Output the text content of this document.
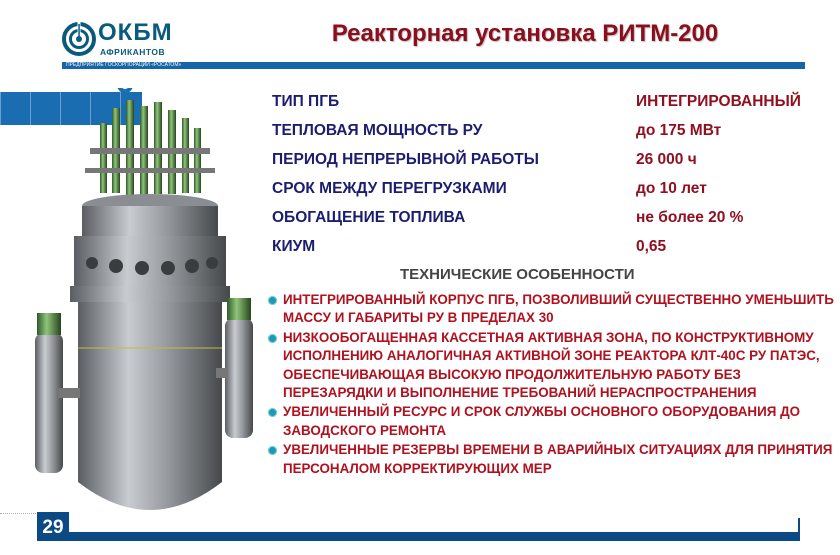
ОКБМ
АФРИКАНТОВ
ПРЕДПРИЯТИЕ ГОСКОРПОРАЦИИ «РОСАТОМ»
Реакторная установка РИТМ-200
ТИП ПГБ	ИНТЕГРИРОВАННЫЙ
ТЕПЛОВАЯ МОЩНОСТЬ РУ	до 175 МВт
ПЕРИОД НЕПРЕРЫВНОЙ РАБОТЫ	26 000 ч
СРОК МЕЖДУ ПЕРЕГРУЗКАМИ	до 10 лет
ОБОГАЩЕНИЕ ТОПЛИВА	не более 20 %
КИУМ	0,65
ТЕХНИЧЕСКИЕ ОСОБЕННОСТИ
ИНТЕГРИРОВАННЫЙ КОРПУС ПГБ, ПОЗВОЛИВШИЙ СУЩЕСТВЕННО УМЕНЬШИТЬ МАССУ И ГАБАРИТЫ РУ В ПРЕДЕЛАХ 30
НИЗКООБОГАЩЕННАЯ КАССЕТНАЯ АКТИВНАЯ ЗОНА, ПО КОНСТРУКТИВНОМУ ИСПОЛНЕНИЮ АНАЛОГИЧНАЯ АКТИВНОЙ ЗОНЕ РЕАКТОРА КЛТ-40С РУ ПАТЭС, ОБЕСПЕЧИВАЮЩАЯ ВЫСОКУЮ ПРОДОЛЖИТЕЛЬНУЮ РАБОТУ БЕЗ ПЕРЕЗАРЯДКИ И ВЫПОЛНЕНИЕ ТРЕБОВАНИЙ НЕРАСПРОСТРАНЕНИЯ
УВЕЛИЧЕННЫЙ РЕСУРС И СРОК СЛУЖБЫ ОСНОВНОГО ОБОРУДОВАНИЯ ДО ЗАВОДСКОГО РЕМОНТА
УВЕЛИЧЕННЫЕ РЕЗЕРВЫ ВРЕМЕНИ В АВАРИЙНЫХ СИТУАЦИЯХ ДЛЯ ПРИНЯТИЯ ПЕРСОНАЛОМ КОРРЕКТИРУЮЩИХ МЕР
29
